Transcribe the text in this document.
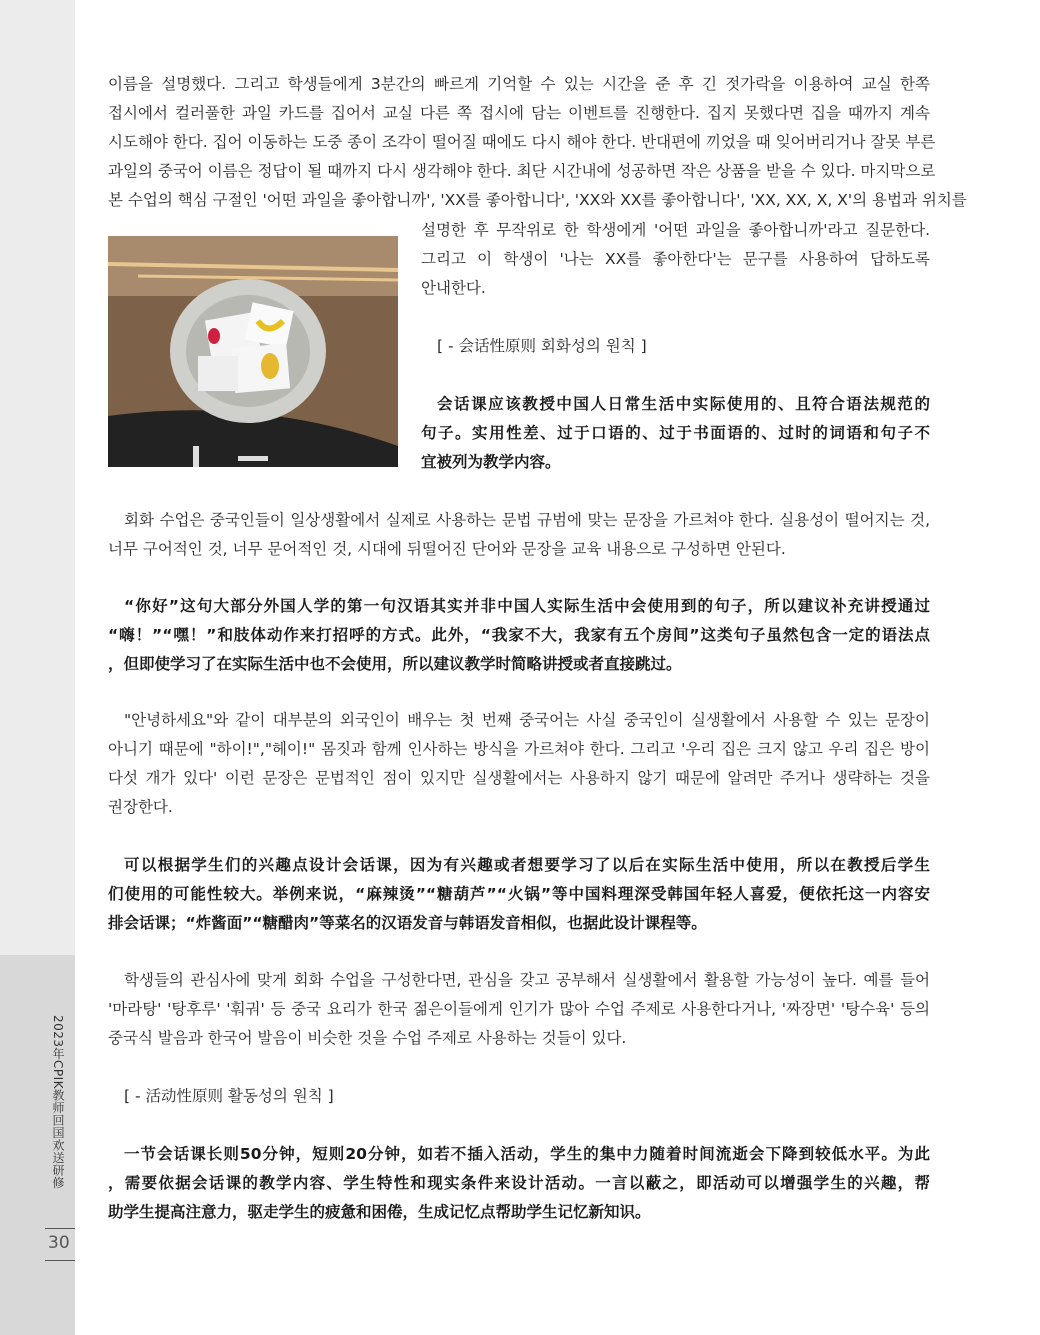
2023年CPIK教师回国欢送研修
30
이름을 설명했다. 그리고 학생들에게 3분간의 빠르게 기억할 수 있는 시간을 준 후 긴 젓가락을 이용하여 교실 한쪽
접시에서 컬러풀한 과일 카드를 집어서 교실 다른 쪽 접시에 담는 이벤트를 진행한다. 집지 못했다면 집을 때까지 계속
시도해야 한다. 집어 이동하는 도중 종이 조각이 떨어질 때에도 다시 해야 한다. 반대편에 끼었을 때 잊어버리거나 잘못 부른
과일의 중국어 이름은 정답이 될 때까지 다시 생각해야 한다. 최단 시간내에 성공하면 작은 상품을 받을 수 있다. 마지막으로
본 수업의 핵심 구절인 '어떤 과일을 좋아합니까', 'XX를 좋아합니다', 'XX와 XX를 좋아합니다', 'XX, XX, X, X'의 용법과 위치를
설명한 후 무작위로 한 학생에게 '어떤 과일을 좋아합니까'라고 질문한다.
그리고 이 학생이 '나는 XX를 좋아한다'는 문구를 사용하여 답하도록
안내한다.
[ - 会话性原则 회화성의 원칙 ]
会话课应该教授中国人日常生活中实际使用的、且符合语法规范的
句子。实用性差、过于口语的、过于书面语的、过时的词语和句子不
宜被列为教学内容。
회화 수업은 중국인들이 일상생활에서 실제로 사용하는 문법 규범에 맞는 문장을 가르쳐야 한다. 실용성이 떨어지는 것,
너무 구어적인 것, 너무 문어적인 것, 시대에 뒤떨어진 단어와 문장을 교육 내용으로 구성하면 안된다.
“你好”这句大部分外国人学的第一句汉语其实并非中国人实际生活中会使用到的句子，所以建议补充讲授通过
“嗨！”“嘿！”和肢体动作来打招呼的方式。此外，“我家不大，我家有五个房间”这类句子虽然包含一定的语法点
，但即使学习了在实际生活中也不会使用，所以建议教学时简略讲授或者直接跳过。
"안녕하세요"와 같이 대부분의 외국인이 배우는 첫 번째 중국어는 사실 중국인이 실생활에서 사용할 수 있는 문장이
아니기 때문에 "하이!","헤이!" 몸짓과 함께 인사하는 방식을 가르쳐야 한다. 그리고 '우리 집은 크지 않고 우리 집은 방이
다섯 개가 있다' 이런 문장은 문법적인 점이 있지만 실생활에서는 사용하지 않기 때문에 알려만 주거나 생략하는 것을
권장한다.
可以根据学生们的兴趣点设计会话课，因为有兴趣或者想要学习了以后在实际生活中使用，所以在教授后学生
们使用的可能性较大。举例来说，“麻辣烫”“糖葫芦”“火锅”等中国料理深受韩国年轻人喜爱，便依托这一内容安
排会话课；“炸酱面”“糖醋肉”等菜名的汉语发音与韩语发音相似，也据此设计课程等。
학생들의 관심사에 맞게 회화 수업을 구성한다면, 관심을 갖고 공부해서 실생활에서 활용할 가능성이 높다. 예를 들어
'마라탕' '탕후루' '훠궈' 등 중국 요리가 한국 젊은이들에게 인기가 많아 수업 주제로 사용한다거나, '짜장면' '탕수육' 등의
중국식 발음과 한국어 발음이 비슷한 것을 수업 주제로 사용하는 것들이 있다.
[ - 活动性原则 활동성의 원칙 ]
一节会话课长则50分钟，短则20分钟，如若不插入活动，学生的集中力随着时间流逝会下降到较低水平。为此
，需要依据会话课的教学内容、学生特性和现实条件来设计活动。一言以蔽之，即活动可以增强学生的兴趣，帮
助学生提高注意力，驱走学生的疲惫和困倦，生成记忆点帮助学生记忆新知识。
